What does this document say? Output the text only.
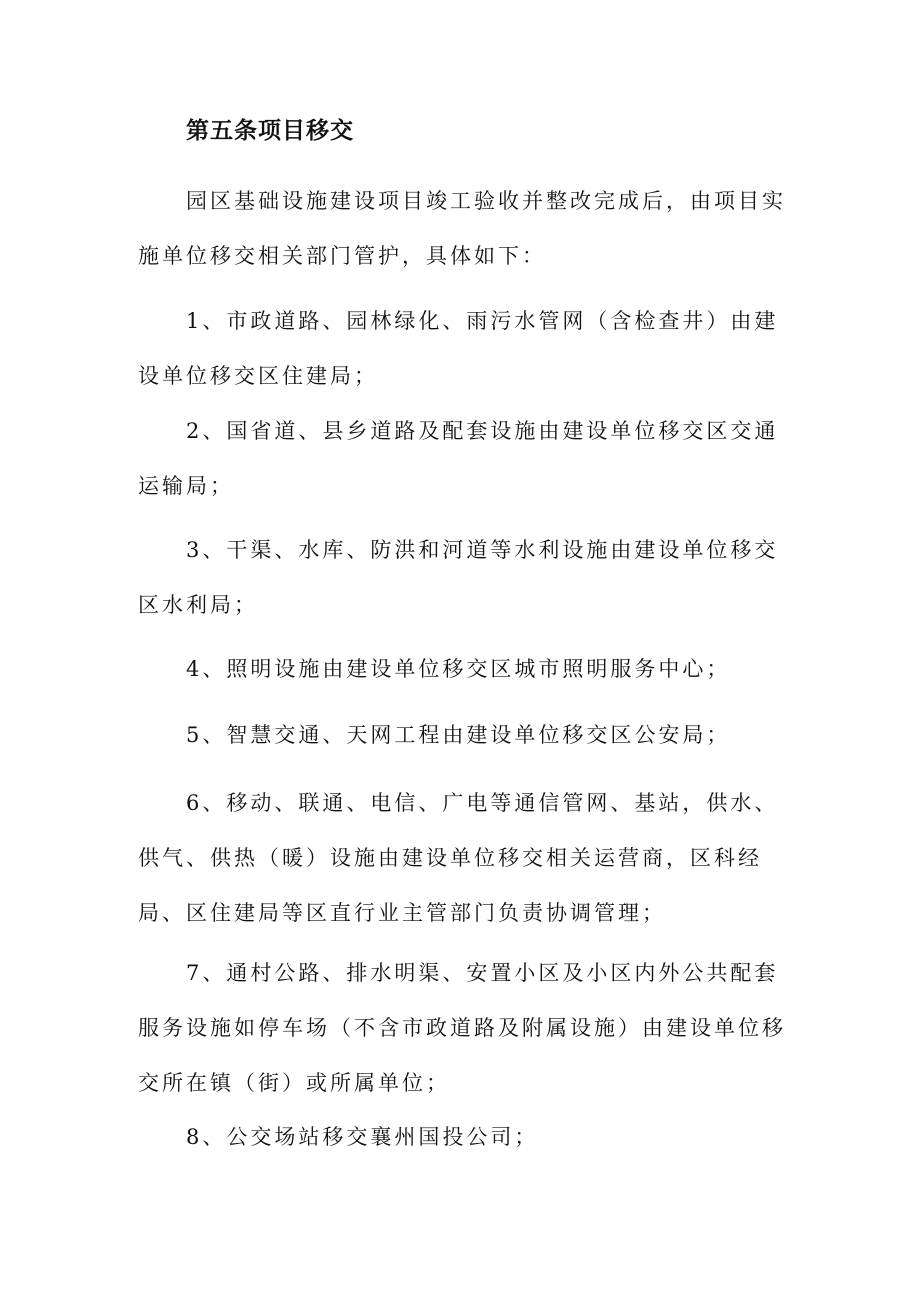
第五条项目移交

园区基础设施建设项目竣工验收并整改完成后，由项目实施单位移交相关部门管护，具体如下：

1、市政道路、园林绿化、雨污水管网（含检查井）由建设单位移交区住建局；

2、国省道、县乡道路及配套设施由建设单位移交区交通运输局；

3、干渠、水库、防洪和河道等水利设施由建设单位移交区水利局；

4、照明设施由建设单位移交区城市照明服务中心；

5、智慧交通、天网工程由建设单位移交区公安局；

6、移动、联通、电信、广电等通信管网、基站，供水、供气、供热（暖）设施由建设单位移交相关运营商，区科经局、区住建局等区直行业主管部门负责协调管理；

7、通村公路、排水明渠、安置小区及小区内外公共配套服务设施如停车场（不含市政道路及附属设施）由建设单位移交所在镇（街）或所属单位；

8、公交场站移交襄州国投公司；
